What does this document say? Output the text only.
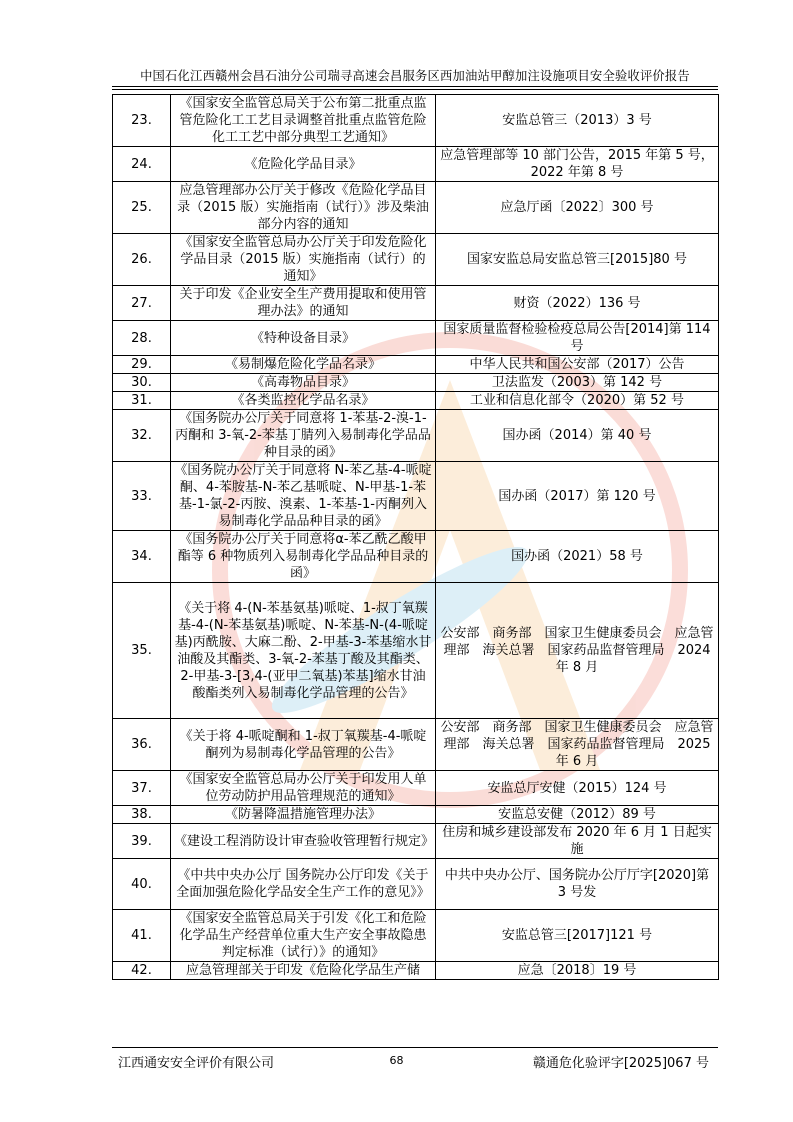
中国石化江西赣州会昌石油分公司瑞寻高速会昌服务区西加油站甲醇加注设施项目安全验收评价报告
23.	《国家安全监管总局关于公布第二批重点监管危险化工工艺目录调整首批重点监管危险化工工艺中部分典型工艺通知》	安监总管三（2013）3 号
24.	《危险化学品目录》	应急管理部等 10 部门公告，2015 年第 5 号，2022 年第 8 号
25.	应急管理部办公厅关于修改《危险化学品目录（2015 版）实施指南（试行）》涉及柴油部分内容的通知	应急厅函〔2022〕300 号
26.	《国家安全监管总局办公厅关于印发危险化学品目录（2015 版）实施指南（试行）的通知》	国家安监总局安监总管三[2015]80 号
27.	关于印发《企业安全生产费用提取和使用管理办法》的通知	财资（2022）136 号
28.	《特种设备目录》	国家质量监督检验检疫总局公告[2014]第 114 号
29.	《易制爆危险化学品名录》	中华人民共和国公安部（2017）公告
30.	《高毒物品目录》	卫法监发（2003）第 142 号
31.	《各类监控化学品名录》	工业和信息化部令（2020）第 52 号
32.	《国务院办公厅关于同意将 1-苯基-2-溴-1-丙酮和 3-氧-2-苯基丁腈列入易制毒化学品品种目录的函》	国办函（2014）第 40 号
33.	《国务院办公厅关于同意将 N-苯乙基-4-哌啶酮、4-苯胺基-N-苯乙基哌啶、N-甲基-1-苯基-1-氯-2-丙胺、溴素、1-苯基-1-丙酮列入易制毒化学品品种目录的函》	国办函（2017）第 120 号
34.	《国务院办公厅关于同意将α-苯乙酰乙酸甲酯等 6 种物质列入易制毒化学品品种目录的函》	国办函（2021）58 号
35.	《关于将 4-(N-苯基氨基)哌啶、1-叔丁氧羰基-4-(N-苯基氨基)哌啶、N-苯基-N-(4-哌啶基)丙酰胺、大麻二酚、2-甲基-3-苯基缩水甘油酸及其酯类、3-氧-2-苯基丁酸及其酯类、2-甲基-3-[3,4-(亚甲二氧基)苯基]缩水甘油酸酯类列入易制毒化学品管理的公告》	公安部　商务部　国家卫生健康委员会　应急管理部　海关总署　国家药品监督管理局　2024 年 8 月
36.	《关于将 4-哌啶酮和 1-叔丁氧羰基-4-哌啶酮列为易制毒化学品管理的公告》	公安部　商务部　国家卫生健康委员会　应急管理部　海关总署　国家药品监督管理局　2025 年 6 月
37.	《国家安全监管总局办公厅关于印发用人单位劳动防护用品管理规范的通知》	安监总厅安健（2015）124 号
38.	《防暑降温措施管理办法》	安监总安健（2012）89 号
39.	《建设工程消防设计审查验收管理暂行规定》	住房和城乡建设部发布 2020 年 6 月 1 日起实施
40.	《中共中央办公厅 国务院办公厅印发《关于全面加强危险化学品安全生产工作的意见》》	中共中央办公厅、国务院办公厅厅字[2020]第 3 号发
41.	《国家安全监管总局关于引发《化工和危险化学品生产经营单位重大生产安全事故隐患判定标准（试行）》的通知》	安监总管三[2017]121 号
42.	应急管理部关于印发《危险化学品生产储	应急〔2018〕19 号
江西通安安全评价有限公司	68	赣通危化验评字[2025]067 号
